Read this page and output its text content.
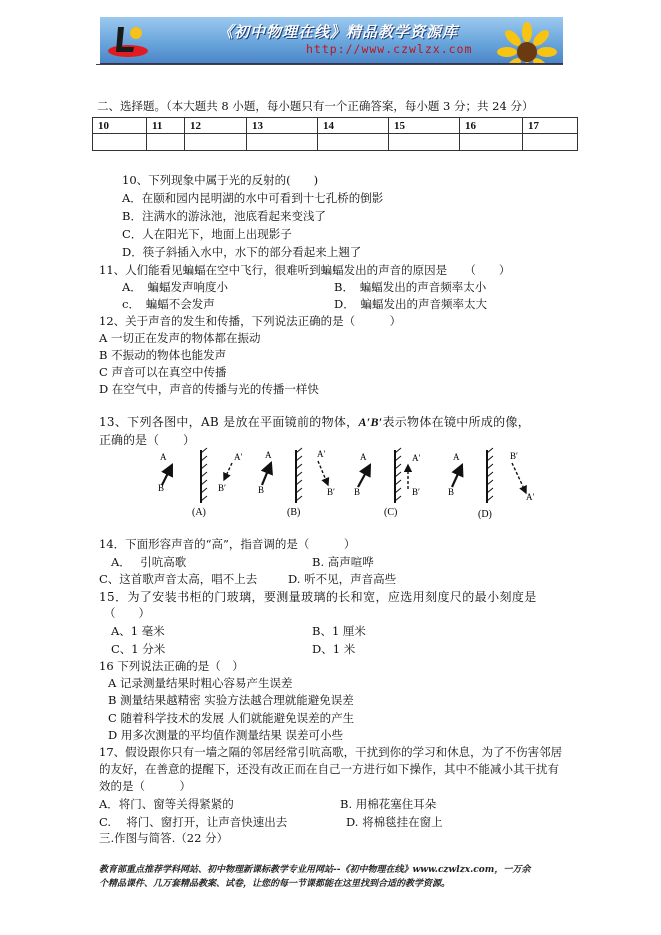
《初中物理在线》精品教学资源库
http://www.czwlzx.com
二、选择题。（本大题共 8 小题，每小题只有一个正确答案，每小题 3 分；共 24 分）
10	11	12	13	14	15	16	17

10、下列现象中属于光的反射的(　　)
A．在颐和园内昆明湖的水中可看到十七孔桥的倒影
B．注满水的游泳池，池底看起来变浅了
C．人在阳光下，地面上出现影子
D．筷子斜插入水中，水下的部分看起来上翘了
11、人们能看见蝙蝠在空中飞行，很难听到蝙蝠发出的声音的原因是　　（　　）
A．　蝙蝠发声响度小	B．　蝙蝠发出的声音频率太小
c．　蝙蝠不会发声	D．　蝙蝠发出的声音频率太大
12、关于声音的发生和传播，下列说法正确的是（　　　）
A 一切正在发声的物体都在振动
B 不振动的物体也能发声
C 声音可以在真空中传播
D 在空气中，声音的传播与光的传播一样快
13、下列各图中，AB 是放在平面镜前的物体，A′B′表示物体在镜中所成的像，
正确的是（　　）
A
B
A′
B′
(A)
A
B
A′
B′
(B)
A
B
A′
B′
(C)
A
B
B′
A′
(D)
14．下面形容声音的“高”，指音调的是（　　　）
A．　 引吭高歌	B. 高声喧哗
C、这首歌声音太高，唱不上去	D. 听不见，声音高些
15．为了安装书柜的门玻璃，要测量玻璃的长和宽，应选用刻度尺的最小刻度是
（　　）
A、1 毫米	B、1 厘米
C、1 分米	D、1 米
16 下列说法正确的是（　）
A 记录测量结果时粗心容易产生误差
B 测量结果越精密 实验方法越合理就能避免误差
C 随着科学技术的发展 人们就能避免误差的产生
D 用多次测量的平均值作测量结果 误差可小些
17、假设跟你只有一墙之隔的邻居经常引吭高歌，干扰到你的学习和休息，为了不伤害邻居
的友好，在善意的提醒下，还没有改正而在自己一方进行如下操作，其中不能减小其干扰有
效的是（　　　）
A．将门、窗等关得紧紧的	B. 用棉花塞住耳朵
C.　 将门、窗打开，让声音快速出去	D. 将棉毯挂在窗上
三.作图与简答.（22 分）
教育部重点推荐学科网站、初中物理新课标教学专业用网站--《初中物理在线》www.czwlzx.com，一万余
个精品课件、几万套精品教案、试卷，让您的每一节课都能在这里找到合适的教学资源。
